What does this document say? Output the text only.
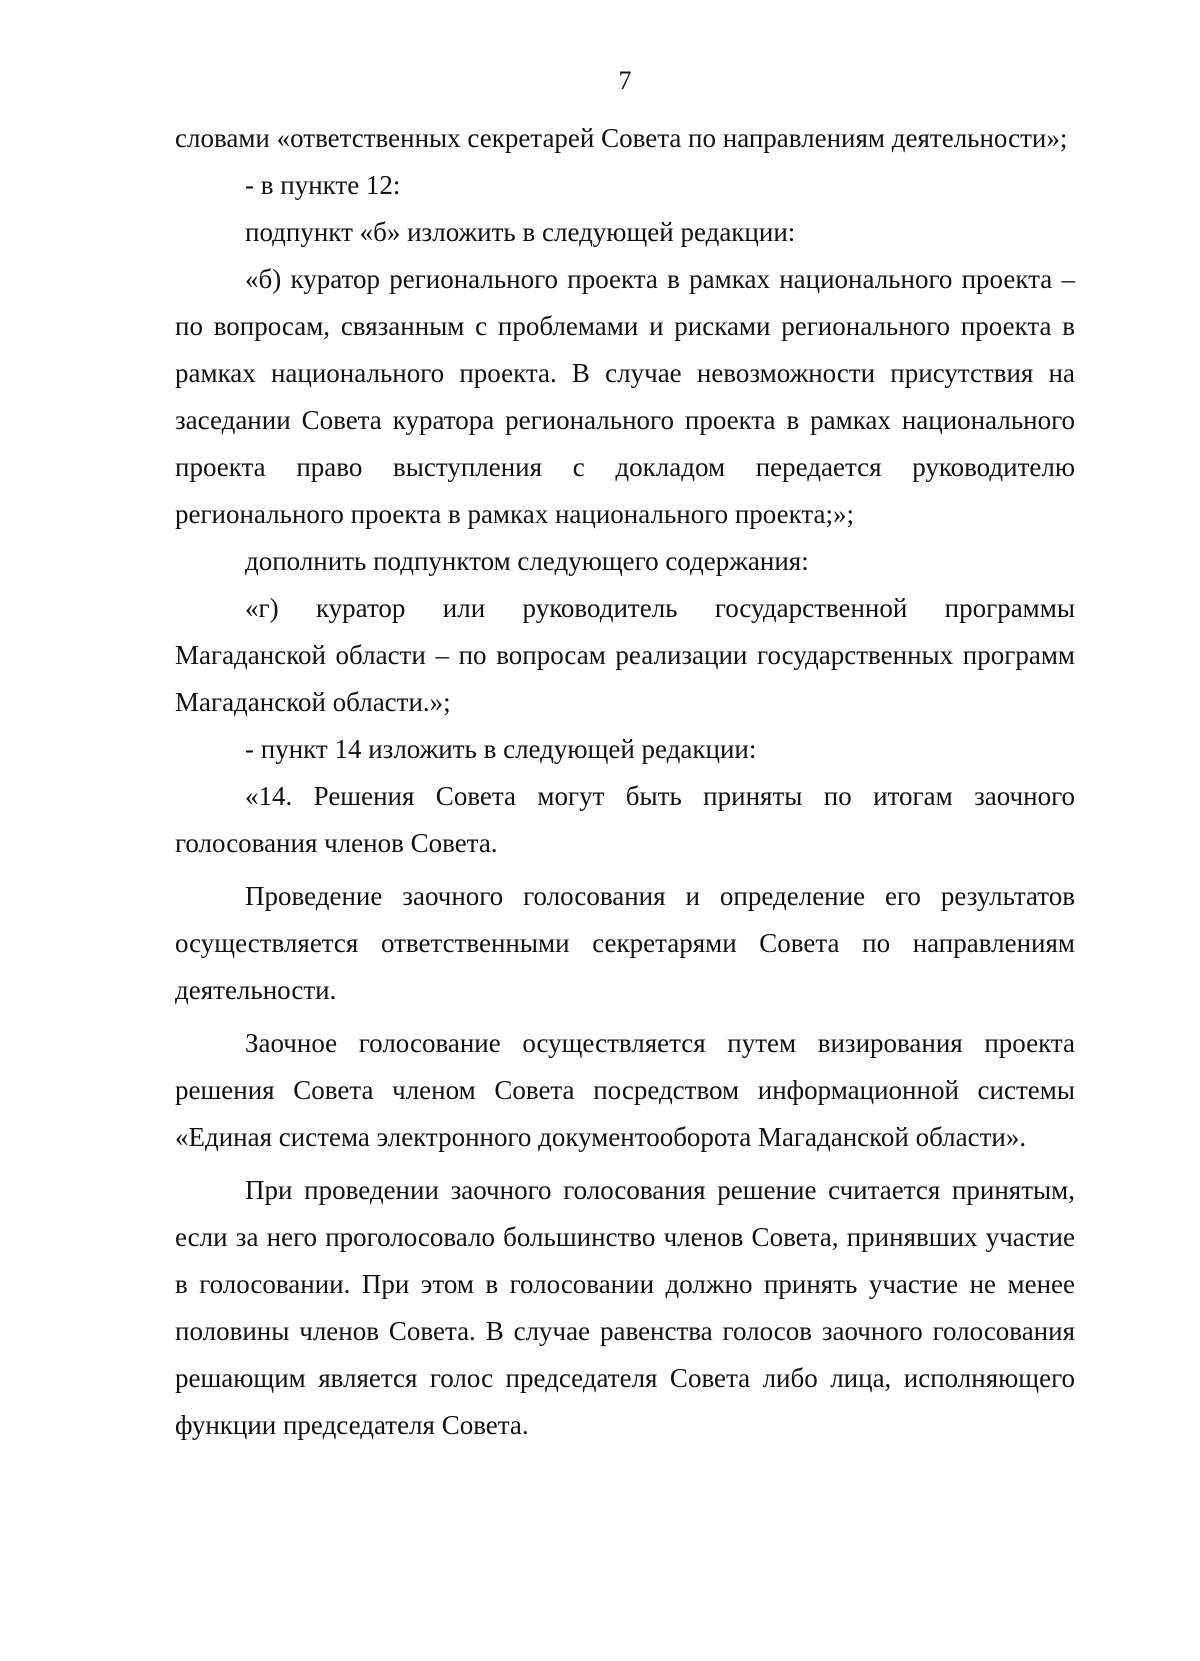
7

словами «ответственных секретарей Совета по направлениям деятельности»;

- в пункте 12:

подпункт «б» изложить в следующей редакции:

«б) куратор регионального проекта в рамках национального проекта – по вопросам, связанным с проблемами и рисками регионального проекта в рамках национального проекта. В случае невозможности присутствия на заседании Совета куратора регионального проекта в рамках национального проекта право выступления с докладом передается руководителю регионального проекта в рамках национального проекта;»;

дополнить подпунктом следующего содержания:

«г) куратор или руководитель государственной программы Магаданской области – по вопросам реализации государственных программ Магаданской области.»;

- пункт 14 изложить в следующей редакции:

«14. Решения Совета могут быть приняты по итогам заочного голосования членов Совета.

Проведение заочного голосования и определение его результатов осуществляется ответственными секретарями Совета по направлениям деятельности.

Заочное голосование осуществляется путем визирования проекта решения Совета членом Совета посредством информационной системы «Единая система электронного документооборота Магаданской области».

При проведении заочного голосования решение считается принятым, если за него проголосовало большинство членов Совета, принявших участие в голосовании. При этом в голосовании должно принять участие не менее половины членов Совета. В случае равенства голосов заочного голосования решающим является голос председателя Совета либо лица, исполняющего функции председателя Совета.
